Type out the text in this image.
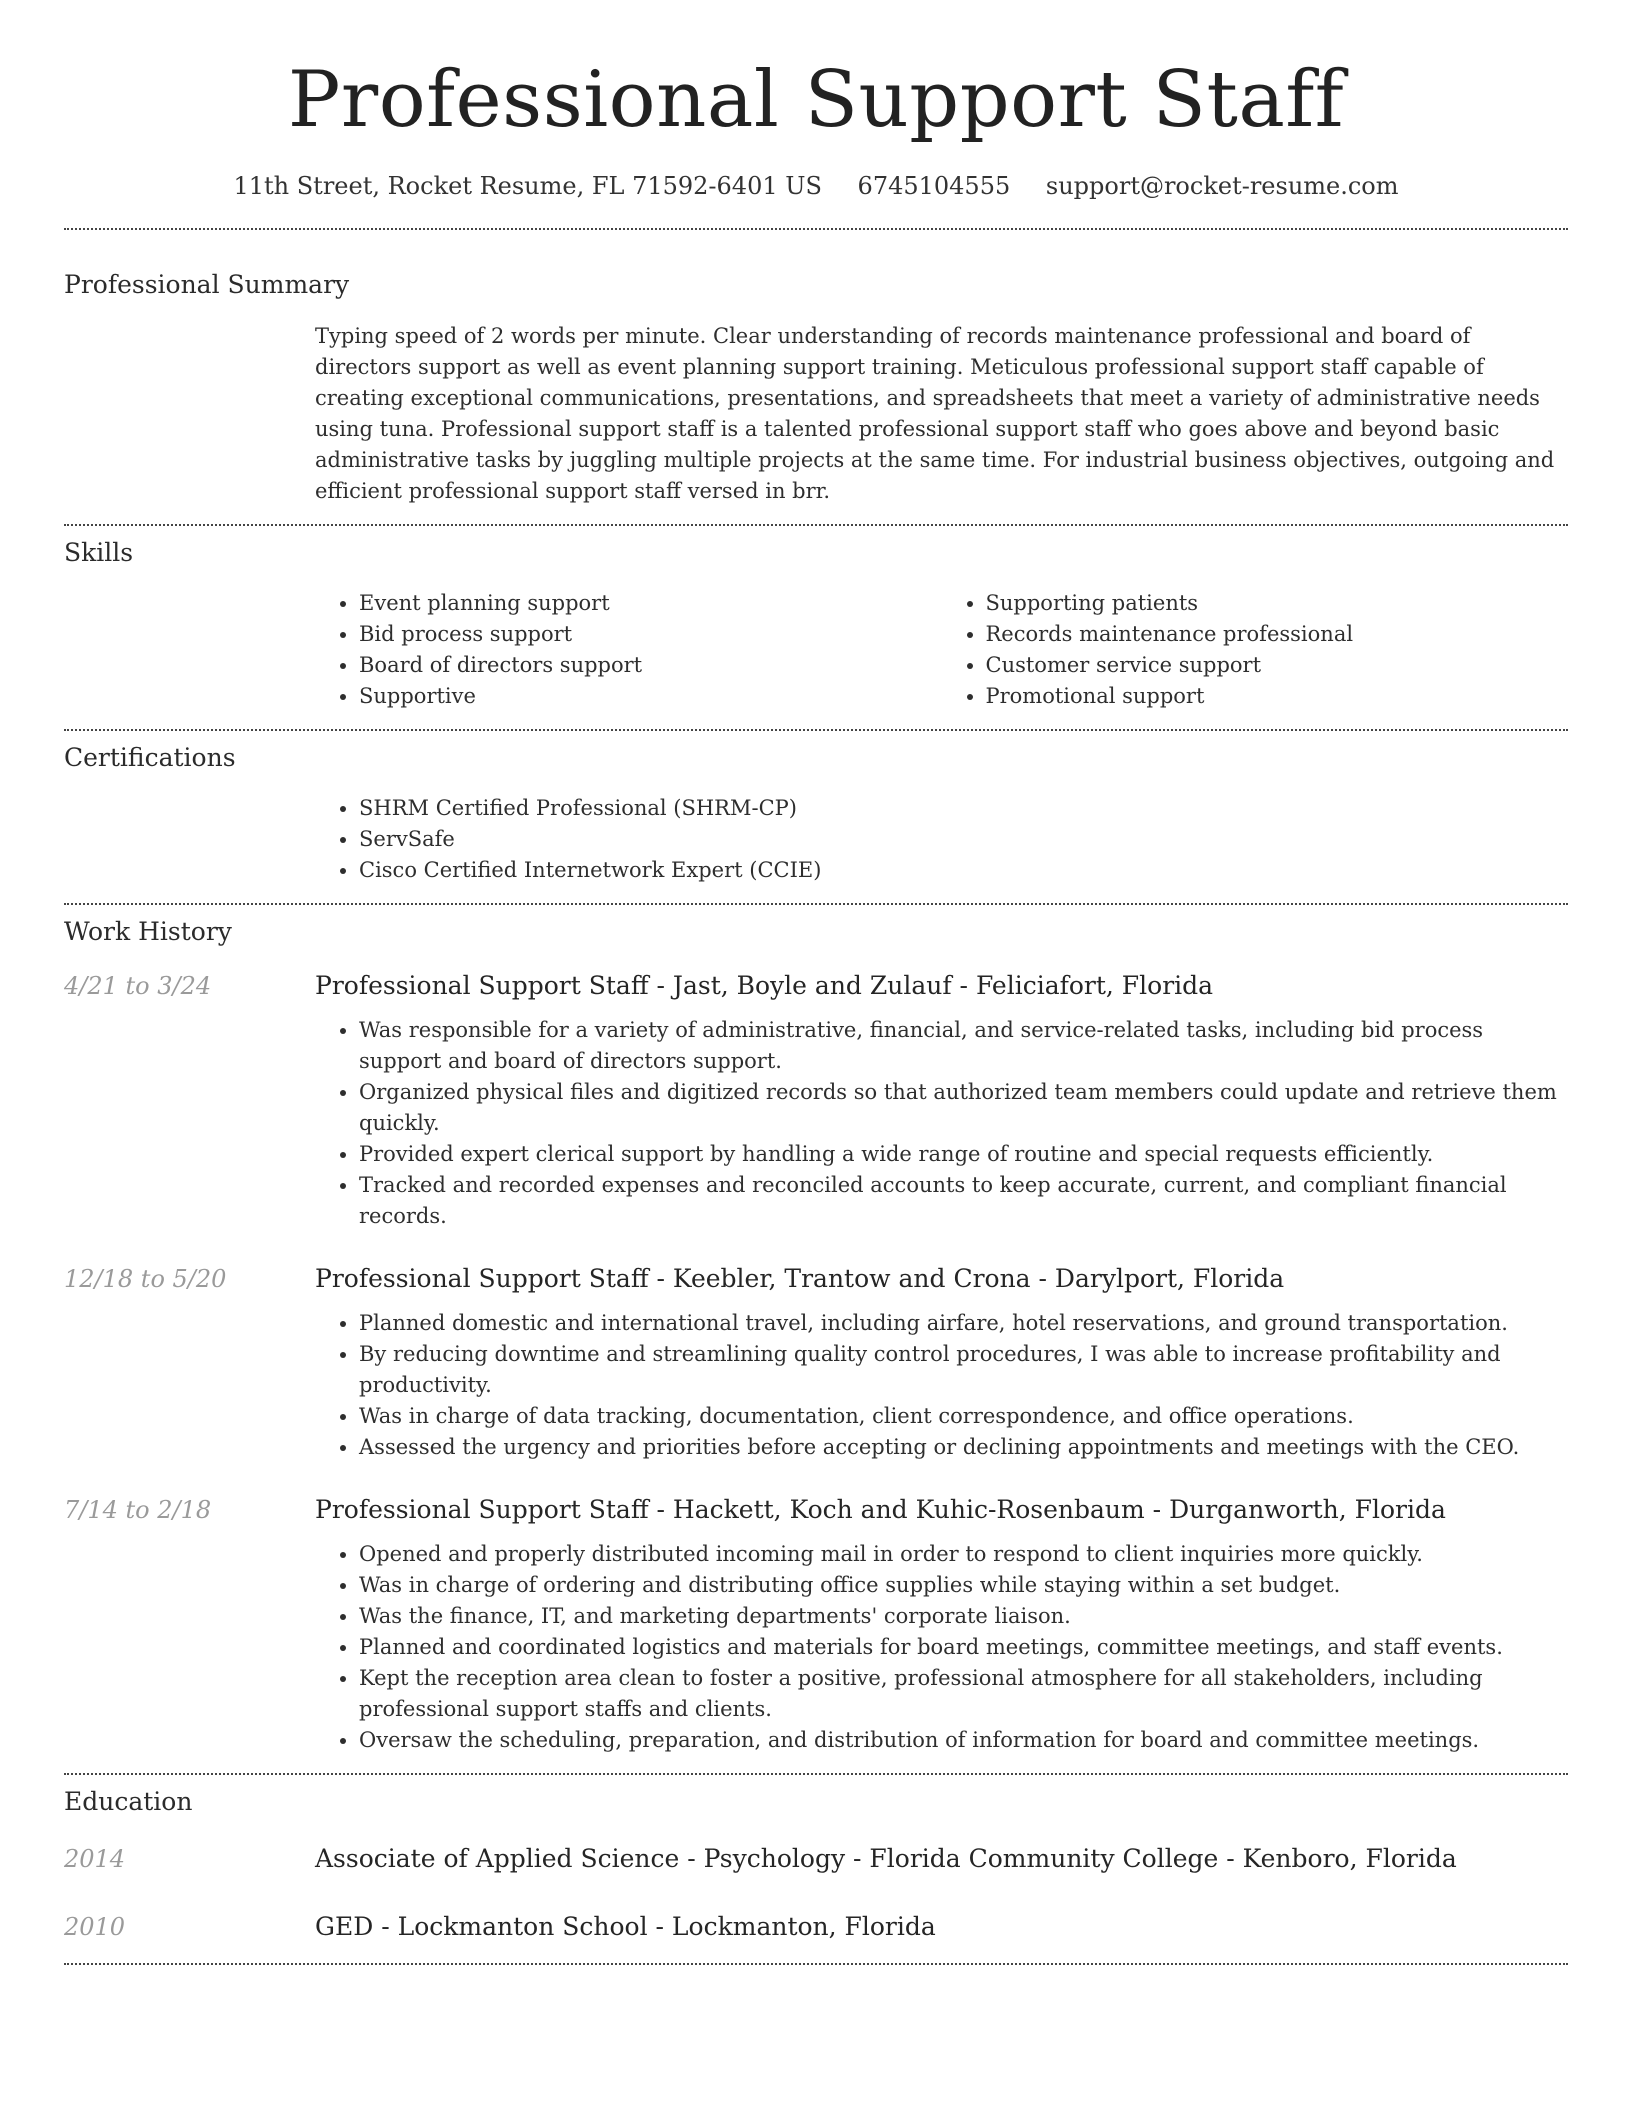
Professional Support Staff
11th Street, Rocket Resume, FL 71592-6401 US 6745104555 support@rocket-resume.com
Professional Summary

Typing speed of 2 words per minute. Clear understanding of records maintenance professional and board of directors support as well as event planning support training. Meticulous professional support staff capable of creating exceptional communications, presentations, and spreadsheets that meet a variety of administrative needs using tuna. Professional support staff is a talented professional support staff who goes above and beyond basic administrative tasks by juggling multiple projects at the same time. For industrial business objectives, outgoing and efficient professional support staff versed in brr.

Skills
• Event planning support
• Bid process support
• Board of directors support
• Supportive
• Supporting patients
• Records maintenance professional
• Customer service support
• Promotional support
Certifications
• SHRM Certified Professional (SHRM-CP)
• ServSafe
• Cisco Certified Internetwork Expert (CCIE)
Work History
4/21 to 3/24	Professional Support Staff - Jast, Boyle and Zulauf - Feliciafort, Florida
• Was responsible for a variety of administrative, financial, and service-related tasks, including bid process support and board of directors support.
• Organized physical files and digitized records so that authorized team members could update and retrieve them quickly.
• Provided expert clerical support by handling a wide range of routine and special requests efficiently.
• Tracked and recorded expenses and reconciled accounts to keep accurate, current, and compliant financial records.
12/18 to 5/20	Professional Support Staff - Keebler, Trantow and Crona - Darylport, Florida
• Planned domestic and international travel, including airfare, hotel reservations, and ground transportation.
• By reducing downtime and streamlining quality control procedures, I was able to increase profitability and productivity.
• Was in charge of data tracking, documentation, client correspondence, and office operations.
• Assessed the urgency and priorities before accepting or declining appointments and meetings with the CEO.
7/14 to 2/18	Professional Support Staff - Hackett, Koch and Kuhic-Rosenbaum - Durganworth, Florida
• Opened and properly distributed incoming mail in order to respond to client inquiries more quickly.
• Was in charge of ordering and distributing office supplies while staying within a set budget.
• Was the finance, IT, and marketing departments' corporate liaison.
• Planned and coordinated logistics and materials for board meetings, committee meetings, and staff events.
• Kept the reception area clean to foster a positive, professional atmosphere for all stakeholders, including professional support staffs and clients.
• Oversaw the scheduling, preparation, and distribution of information for board and committee meetings.
Education
2014	Associate of Applied Science - Psychology - Florida Community College - Kenboro, Florida
2010	GED - Lockmanton School - Lockmanton, Florida
